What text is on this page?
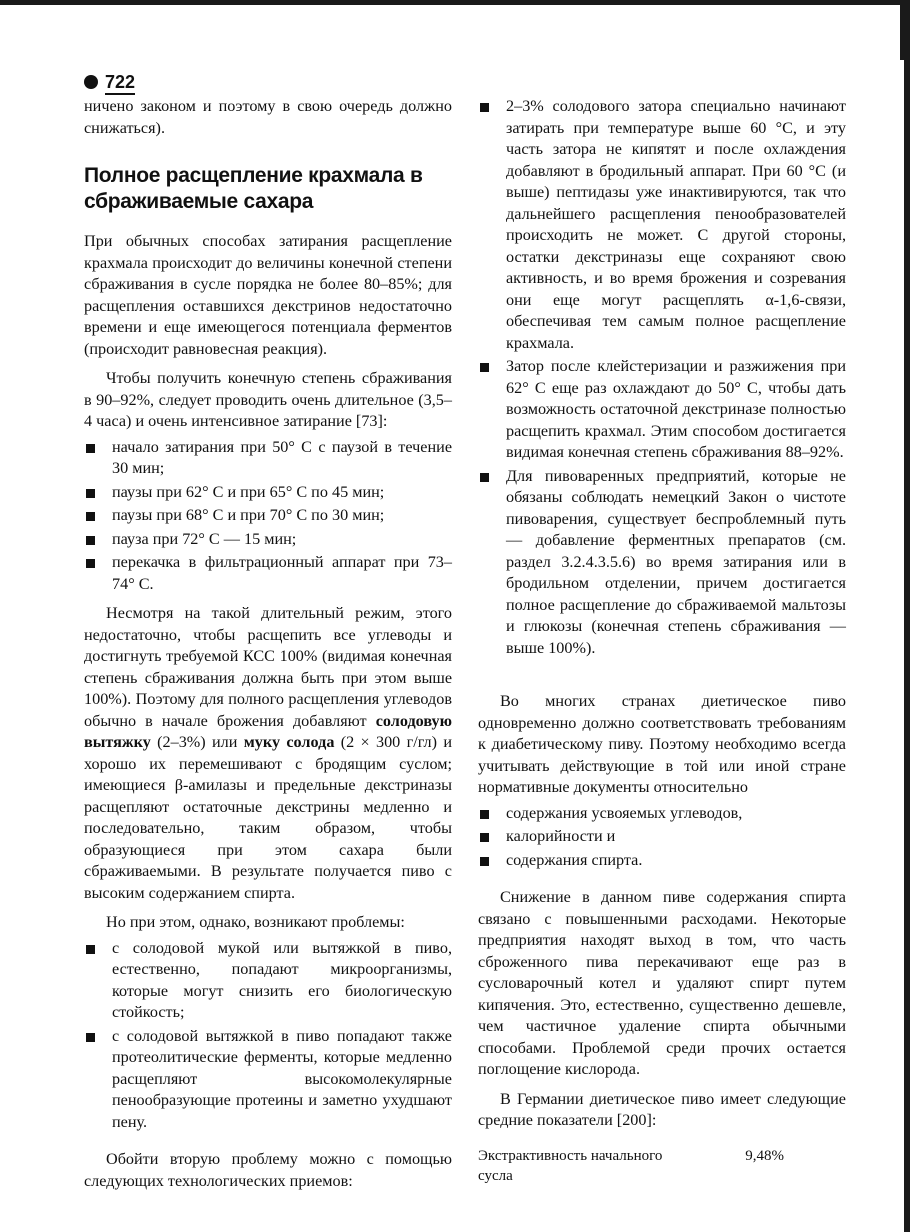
722

ничено законом и поэтому в свою очередь должно снижаться).

Полное расщепление крахмала в сбраживаемые сахара

При обычных способах затирания расщепление крахмала происходит до величины конечной степени сбраживания в сусле порядка не более 80–85%; для расщепления оставшихся декстринов недостаточно времени и еще имеющегося потенциала ферментов (происходит равновесная реакция).

Чтобы получить конечную степень сбраживания в 90–92%, следует проводить очень длительное (3,5–4 часа) и очень интенсивное затирание [73]:

начало затирания при 50° С с паузой в течение 30 мин;
паузы при 62° С и при 65° С по 45 мин;
паузы при 68° С и при 70° С по 30 мин;
пауза при 72° С — 15 мин;
перекачка в фильтрационный аппарат при 73–74° С.

Несмотря на такой длительный режим, этого недостаточно, чтобы расщепить все углеводы и достигнуть требуемой КСС 100% (видимая конечная степень сбраживания должна быть при этом выше 100%). Поэтому для полного расщепления углеводов обычно в начале брожения добавляют солодовую вытяжку (2–3%) или муку солода (2 × 300 г/гл) и хорошо их перемешивают с бродящим суслом; имеющиеся β-амилазы и предельные декстриназы расщепляют остаточные декстрины медленно и последовательно, таким образом, чтобы образующиеся при этом сахара были сбраживаемыми. В результате получается пиво с высоким содержанием спирта.

Но при этом, однако, возникают проблемы:

с солодовой мукой или вытяжкой в пиво, естественно, попадают микроорганизмы, которые могут снизить его биологическую стойкость;
с солодовой вытяжкой в пиво попадают также протеолитические ферменты, которые медленно расщепляют высокомолекулярные пенообразующие протеины и заметно ухудшают пену.

Обойти вторую проблему можно с помощью следующих технологических приемов:

2–3% солодового затора специально начинают затирать при температуре выше 60 °С, и эту часть затора не кипятят и после охлаждения добавляют в бродильный аппарат. При 60 °С (и выше) пептидазы уже инактивируются, так что дальнейшего расщепления пенообразователей происходить не может. С другой стороны, остатки декстриназы еще сохраняют свою активность, и во время брожения и созревания они еще могут расщеплять α-1,6-связи, обеспечивая тем самым полное расщепление крахмала.
Затор после клейстеризации и разжижения при 62° С еще раз охлаждают до 50° С, чтобы дать возможность остаточной декстриназе полностью расщепить крахмал. Этим способом достигается видимая конечная степень сбраживания 88–92%.
Для пивоваренных предприятий, которые не обязаны соблюдать немецкий Закон о чистоте пивоварения, существует беспроблемный путь — добавление ферментных препаратов (см. раздел 3.2.4.3.5.6) во время затирания или в бродильном отделении, причем достигается полное расщепление до сбраживаемой мальтозы и глюкозы (конечная степень сбраживания — выше 100%).

Во многих странах диетическое пиво одновременно должно соответствовать требованиям к диабетическому пиву. Поэтому необходимо всегда учитывать действующие в той или иной стране нормативные документы относительно

содержания усвояемых углеводов,
калорийности и
содержания спирта.

Снижение в данном пиве содержания спирта связано с повышенными расходами. Некоторые предприятия находят выход в том, что часть сброженного пива перекачивают еще раз в сусловарочный котел и удаляют спирт путем кипячения. Это, естественно, существенно дешевле, чем частичное удаление спирта обычными способами. Проблемой среди прочих остается поглощение кислорода.

В Германии диетическое пиво имеет следующие средние показатели [200]:

Экстрактивность начального сусла
9,48%
